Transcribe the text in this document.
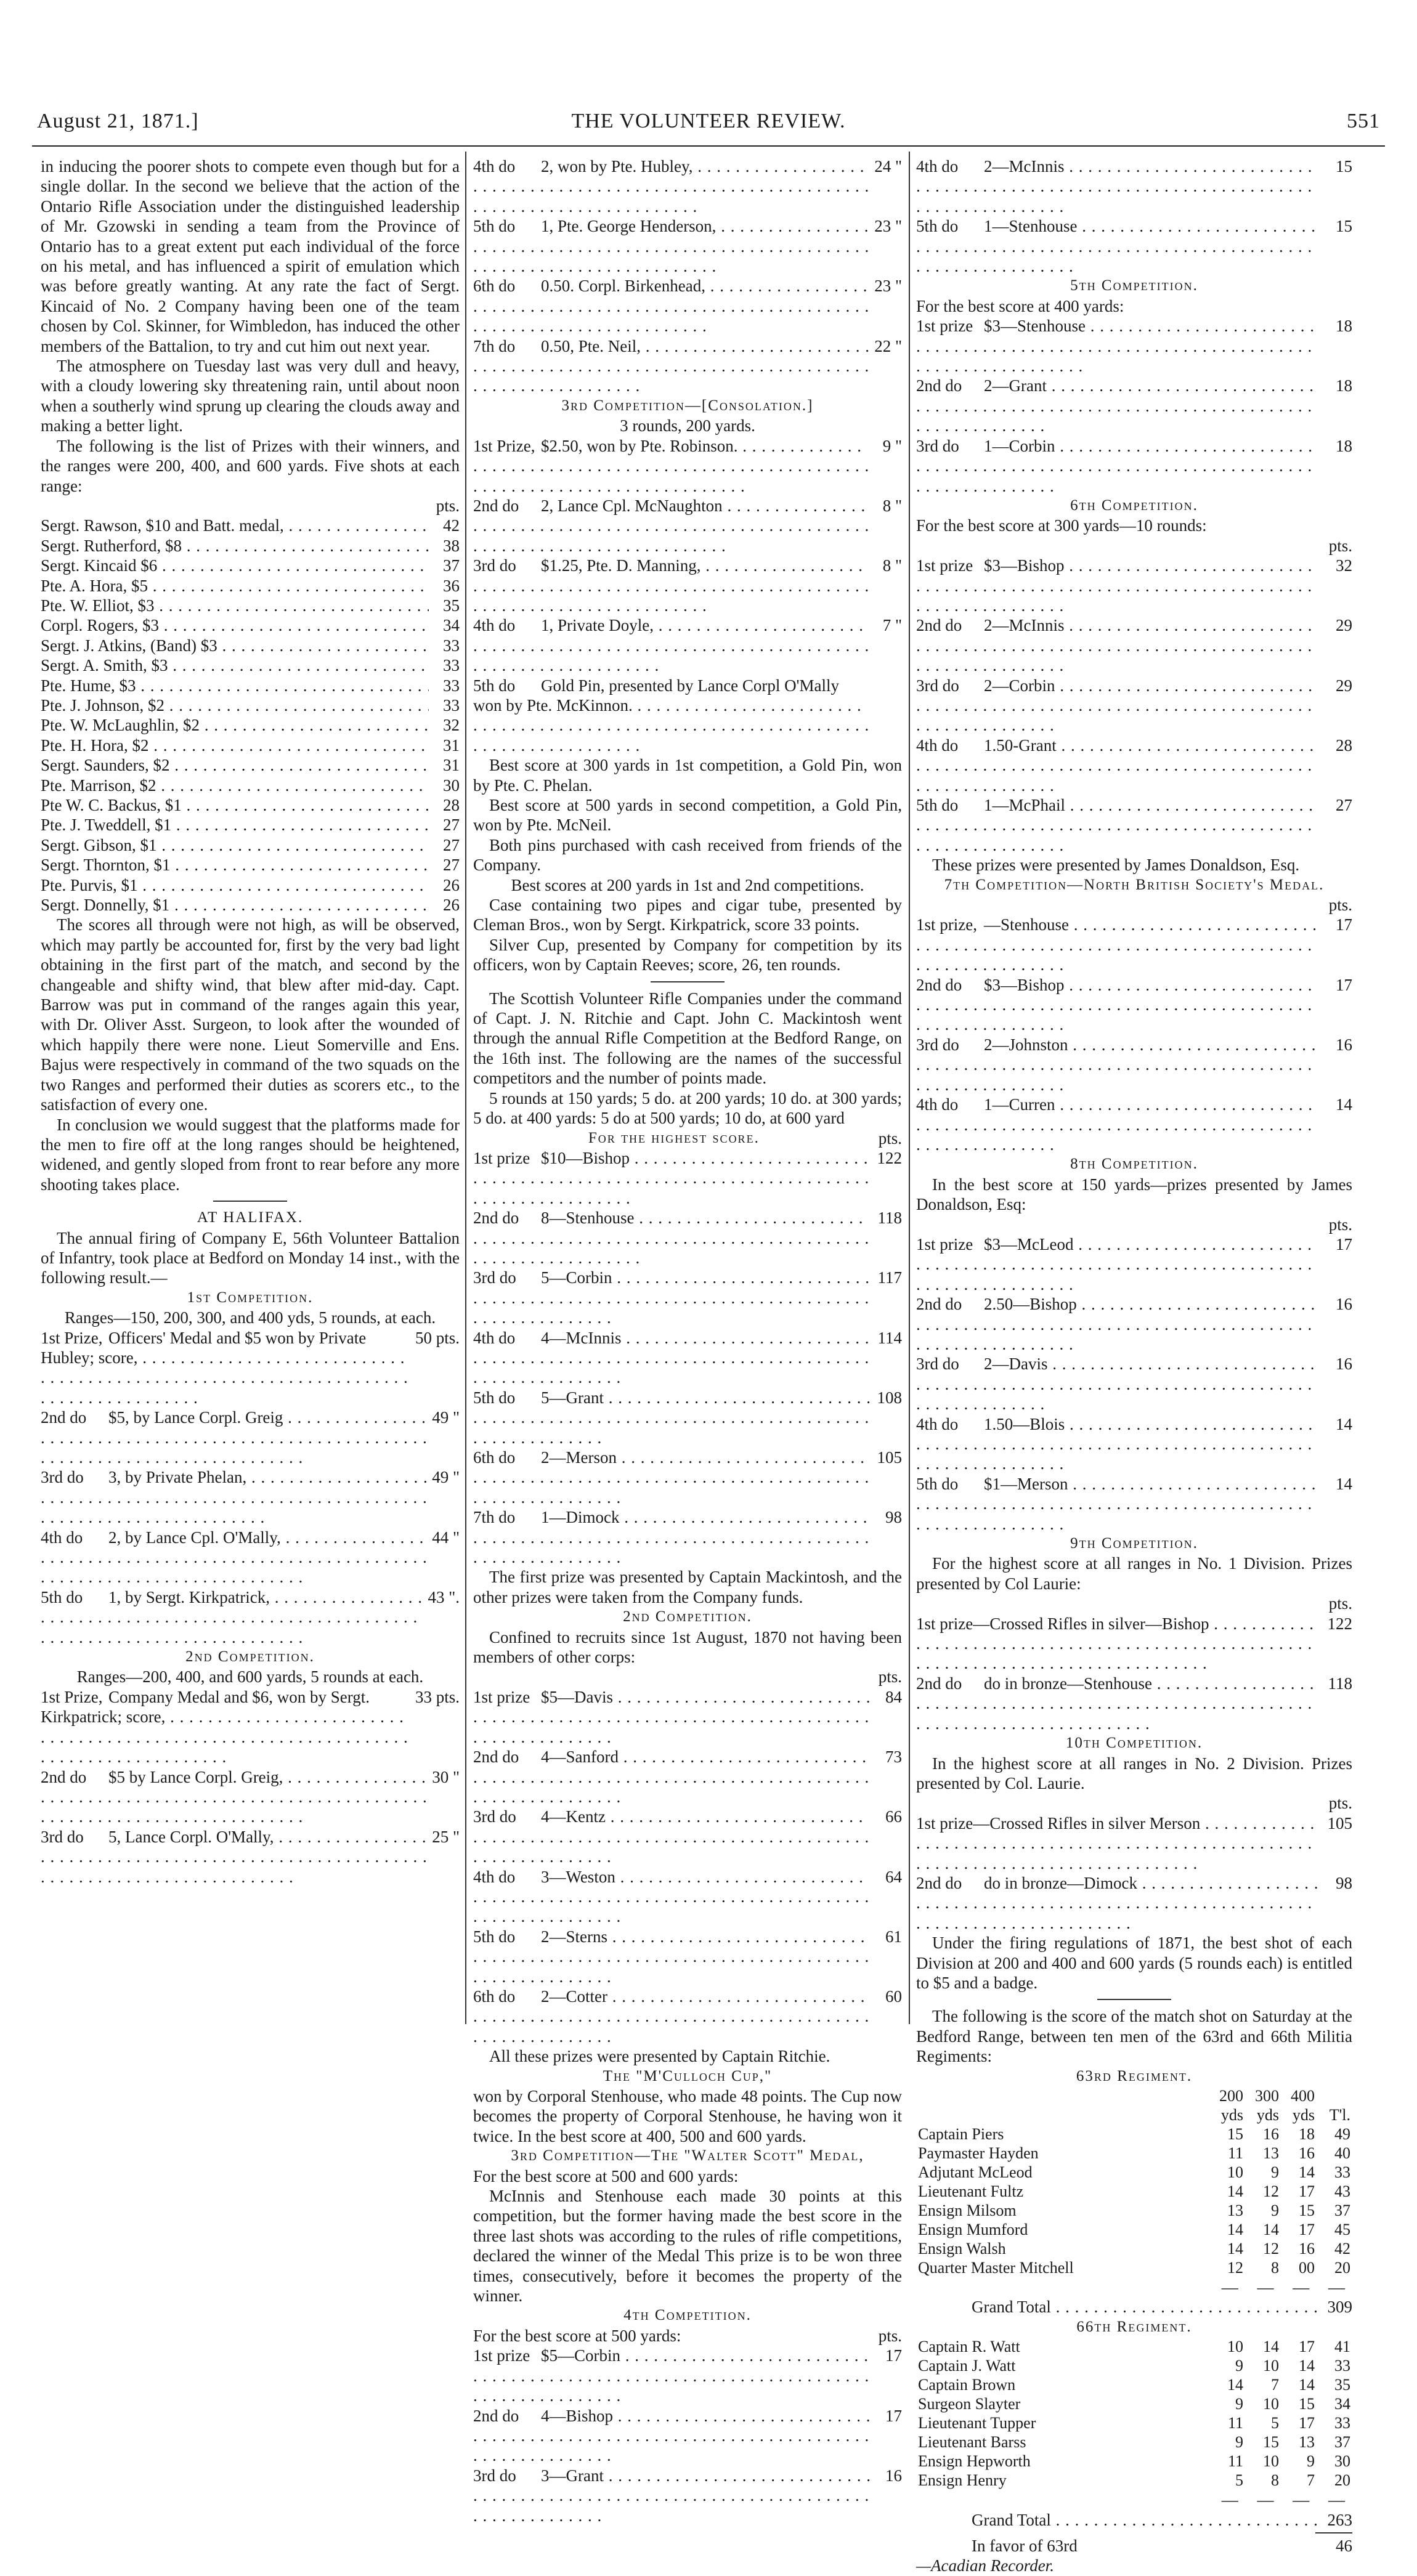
August 21, 1871.]	THE VOLUNTEER REVIEW.	551

in inducing the poorer shots to compete even though but for a single dollar. In the second we believe that the action of the Ontario Rifle Association under the distinguished leadership of Mr. Gzowski in sending a team from the Province of Ontario has to a great extent put each individual of the force on his metal, and has influenced a spirit of emulation which was before greatly wanting. At any rate the fact of Sergt. Kincaid of No. 2 Company having been one of the team chosen by Col. Skinner, for Wimbledon, has induced the other members of the Battalion, to try and cut him out next year.

The atmosphere on Tuesday last was very dull and heavy, with a cloudy lowering sky threatening rain, until about noon when a southerly wind sprung up clearing the clouds away and making a better light.

The following is the list of Prizes with their winners, and the ranges were 200, 400, and 600 yards. Five shots at each range:

pts.
Sergt. Rawson, $10 and Batt. medal, . . .	42
Sergt. Rutherford, $8 . . .	38
Sergt. Kincaid $6 . . .	37
Pte. A. Hora, $5 . . .	36
Pte. W. Elliot, $3 . . .	35
Corpl. Rogers, $3 . . .	34
Sergt. J. Atkins, (Band) $3 . . .	33
Sergt. A. Smith, $3 . . .	33
Pte. Hume, $3 . . .	33
Pte. J. Johnson, $2 . . .	33
Pte. W. McLaughlin, $2 . . .	32
Pte. H. Hora, $2 . . .	31
Sergt. Saunders, $2 . . .	31
Pte. Marrison, $2 . . .	30
Pte W. C. Backus, $1 . . .	28
Pte. J. Tweddell, $1 . . .	27
Sergt. Gibson, $1 . . .	27
Sergt. Thornton, $1 . . .	27
Pte. Purvis, $1 . . .	26
Sergt. Donnelly, $1 . . .	26

The scores all through were not high, as will be observed, which may partly be accounted for, first by the very bad light obtaining in the first part of the match, and second by the changeable and shifty wind, that blew after mid-day. Capt. Barrow was put in command of the ranges again this year, with Dr. Oliver Asst. Surgeon, to look after the wounded of which happily there were none. Lieut Somerville and Ens. Bajus were respectively in command of the two squads on the two Ranges and performed their duties as scorers etc., to the satisfaction of every one.

In conclusion we would suggest that the platforms made for the men to fire off at the long ranges should be heightened, widened, and gently sloped from front to rear before any more shooting takes place.

AT HALIFAX.

The annual firing of Company E, 56th Volunteer Battalion of Infantry, took place at Bedford on Monday 14 inst., with the following result.—

1st Competition.

Ranges—150, 200, 300, and 400 yds, 5 rounds, at each.

1st Prize, Officers' Medal and $5 won by Private Hubley; score, . . .
50 pts.
2nd do $5, by Lance Corpl. Greig . . .	49 "
3rd do 3, by Private Phelan, . . .	49 "
4th do 2, by Lance Cpl. O'Mally, . . .	44 "
5th do 1, by Sergt. Kirkpatrick, . . .	43 ".
2nd Competition.

Ranges—200, 400, and 600 yards, 5 rounds at each.

1st Prize, Company Medal and $6, won by Sergt. Kirkpatrick; score, . . .
33 pts.
2nd do $5 by Lance Corpl. Greig, . . .	30 "
3rd do 5, Lance Corpl. O'Mally, . . .	25 "
4th do 2, won by Pte. Hubley, . . .	24 "
5th do 1, Pte. George Henderson, . . .	23 "
6th do 0.50. Corpl. Birkenhead, . . .	23 "
7th do 0.50, Pte. Neil, . . .	22 "
3rd Competition—[Consolation.]
3 rounds, 200 yards.
1st Prize, $2.50, won by Pte. Robinson. . . .	9 "
2nd do 2, Lance Cpl. McNaughton . . .	8 "
3rd do $1.25, Pte. D. Manning, . . .	8 "
4th do 1, Private Doyle, . . .	7 "
5th do Gold Pin, presented by Lance Corpl O'Mally won by Pte. McKinnon. . . .

Best score at 300 yards in 1st competition, a Gold Pin, won by Pte. C. Phelan.

Best score at 500 yards in second competition, a Gold Pin, won by Pte. McNeil.

Both pins purchased with cash received from friends of the Company.

Best scores at 200 yards in 1st and 2nd competitions.

Case containing two pipes and cigar tube, presented by Cleman Bros., won by Sergt. Kirkpatrick, score 33 points.

Silver Cup, presented by Company for competition by its officers, won by Captain Reeves; score, 26, ten rounds.

The Scottish Volunteer Rifle Companies under the command of Capt. J. N. Ritchie and Capt. John C. Mackintosh went through the annual Rifle Competition at the Bedford Range, on the 16th inst. The following are the names of the successful competitors and the number of points made.

5 rounds at 150 yards; 5 do. at 200 yards; 10 do. at 300 yards; 5 do. at 400 yards: 5 do at 500 yards; 10 do, at 600 yard

For the highest score.	pts.
1st prize $10—Bishop . . .	122
2nd do 8—Stenhouse . . .	118
3rd do 5—Corbin . . .	117
4th do 4—McInnis . . .	114
5th do 5—Grant . . .	108
6th do 2—Merson . . .	105
7th do 1—Dimock . . .	98

The first prize was presented by Captain Mackintosh, and the other prizes were taken from the Company funds.

2nd Competition.

Confined to recruits since 1st August, 1870 not having been members of other corps:

pts.
1st prize $5—Davis . . .	84
2nd do 4—Sanford . . .	73
3rd do 4—Kentz . . .	66
4th do 3—Weston . . .	64
5th do 2—Sterns . . .	61
6th do 2—Cotter . . .	60

All these prizes were presented by Captain Ritchie.

The "M'Culloch Cup,"

won by Corporal Stenhouse, who made 48 points. The Cup now becomes the property of Corporal Stenhouse, he having won it twice. In the best score at 400, 500 and 600 yards.

3rd Competition—The "Walter Scott" Medal,

For the best score at 500 and 600 yards:

McInnis and Stenhouse each made 30 points at this competition, but the former having made the best score in the three last shots was according to the rules of rifle competitions, declared the winner of the Medal This prize is to be won three times, consecutively, before it becomes the property of the winner.

4th Competition.
For the best score at 500 yards:	pts.
1st prize $5—Corbin . . .	17
2nd do 4—Bishop . . .	17
3rd do 3—Grant . . .	16
4th do 2—McInnis . . .	15
5th do 1—Stenhouse . . .	15
5th Competition.

For the best score at 400 yards:

1st prize $3—Stenhouse . . .	18
2nd do 2—Grant . . .	18
3rd do 1—Corbin . . .	18
6th Competition.

For the best score at 300 yards—10 rounds:

pts.
1st prize $3—Bishop . . .	32
2nd do 2—McInnis . . .	29
3rd do 2—Corbin . . .	29
4th do 1.50-Grant . . .	28
5th do 1—McPhail . . .	27

These prizes were presented by James Donaldson, Esq.

7th Competition—North British Society's Medal.
pts.
1st prize, —Stenhouse . . .	17
2nd do $3—Bishop . . .	17
3rd do 2—Johnston . . .	16
4th do 1—Curren . . .	14
8th Competition.

In the best score at 150 yards—prizes presented by James Donaldson, Esq:

pts.
1st prize $3—McLeod . . .	17
2nd do 2.50—Bishop . . .	16
3rd do 2—Davis . . .	16
4th do 1.50—Blois . . .	14
5th do $1—Merson . . .	14
9th Competition.

For the highest score at all ranges in No. 1 Division. Prizes presented by Col Laurie:

pts.
1st prize—Crossed Rifles in silver—Bishop . . .	122
2nd do do in bronze—Stenhouse . . .	118
10th Competition.

In the highest score at all ranges in No. 2 Division. Prizes presented by Col. Laurie.

pts.
1st prize—Crossed Rifles in silver Merson . . .	105
2nd do do in bronze—Dimock . . .	98

Under the firing regulations of 1871, the best shot of each Division at 200 and 400 and 600 yards (5 rounds each) is entitled to $5 and a badge.

The following is the score of the match shot on Saturday at the Bedford Range, between ten men of the 63rd and 66th Militia Regiments:

63rd Regiment.
	200	300	400	
	yds	yds	yds	T'l.
Captain Piers	15	16	18	49
Paymaster Hayden	11	13	16	40
Adjutant McLeod	10	9	14	33
Lieutenant Fultz	14	12	17	43
Ensign Milsom	13	9	15	37
Ensign Mumford	14	14	17	45
Ensign Walsh	14	12	16	42
Quarter Master Mitchell	12	8	00	20
— — — —
Grand Total . . .	309
66th Regiment.
Captain R. Watt	10	14	17	41
Captain J. Watt	9	10	14	33
Captain Brown	14	7	14	35
Surgeon Slayter	9	10	15	34
Lieutenant Tupper	11	5	17	33
Lieutenant Barss	9	15	13	37
Ensign Hepworth	11	10	9	30
Ensign Henry	5	8	7	20
— — — —
Grand Total . . .	263
In favor of 63rd	46
—Acadian Recorder.
